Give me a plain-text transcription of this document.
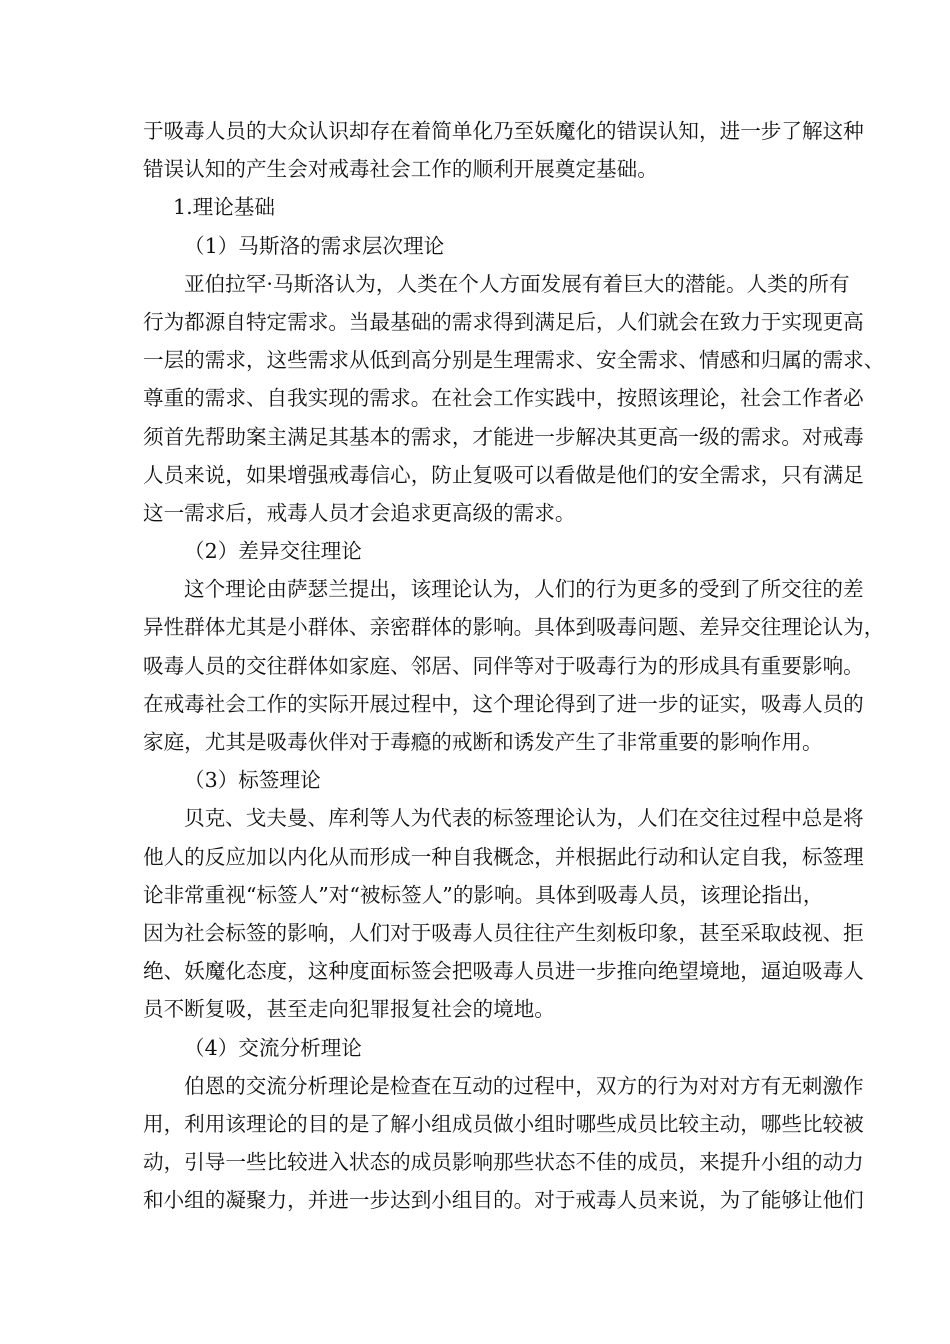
于吸毒人员的大众认识却存在着简单化乃至妖魔化的错误认知，进一步了解这种
错误认知的产生会对戒毒社会工作的顺利开展奠定基础。
1.理论基础
（1）马斯洛的需求层次理论
亚伯拉罕·马斯洛认为，人类在个人方面发展有着巨大的潜能。人类的所有
行为都源自特定需求。当最基础的需求得到满足后，人们就会在致力于实现更高
一层的需求，这些需求从低到高分别是生理需求、安全需求、情感和归属的需求、
尊重的需求、自我实现的需求。在社会工作实践中，按照该理论，社会工作者必
须首先帮助案主满足其基本的需求，才能进一步解决其更高一级的需求。对戒毒
人员来说，如果增强戒毒信心，防止复吸可以看做是他们的安全需求，只有满足
这一需求后，戒毒人员才会追求更高级的需求。
（2）差异交往理论
这个理论由萨瑟兰提出，该理论认为，人们的行为更多的受到了所交往的差
异性群体尤其是小群体、亲密群体的影响。具体到吸毒问题、差异交往理论认为，
吸毒人员的交往群体如家庭、邻居、同伴等对于吸毒行为的形成具有重要影响。
在戒毒社会工作的实际开展过程中，这个理论得到了进一步的证实，吸毒人员的
家庭，尤其是吸毒伙伴对于毒瘾的戒断和诱发产生了非常重要的影响作用。
（3）标签理论
贝克、戈夫曼、库利等人为代表的标签理论认为，人们在交往过程中总是将
他人的反应加以内化从而形成一种自我概念，并根据此行动和认定自我，标签理
论非常重视“标签人”对“被标签人”的影响。具体到吸毒人员，该理论指出，
因为社会标签的影响，人们对于吸毒人员往往产生刻板印象，甚至采取歧视、拒
绝、妖魔化态度，这种度面标签会把吸毒人员进一步推向绝望境地，逼迫吸毒人
员不断复吸，甚至走向犯罪报复社会的境地。
（4）交流分析理论
伯恩的交流分析理论是检查在互动的过程中，双方的行为对对方有无刺激作
用，利用该理论的目的是了解小组成员做小组时哪些成员比较主动，哪些比较被
动，引导一些比较进入状态的成员影响那些状态不佳的成员，来提升小组的动力
和小组的凝聚力，并进一步达到小组目的。对于戒毒人员来说，为了能够让他们
